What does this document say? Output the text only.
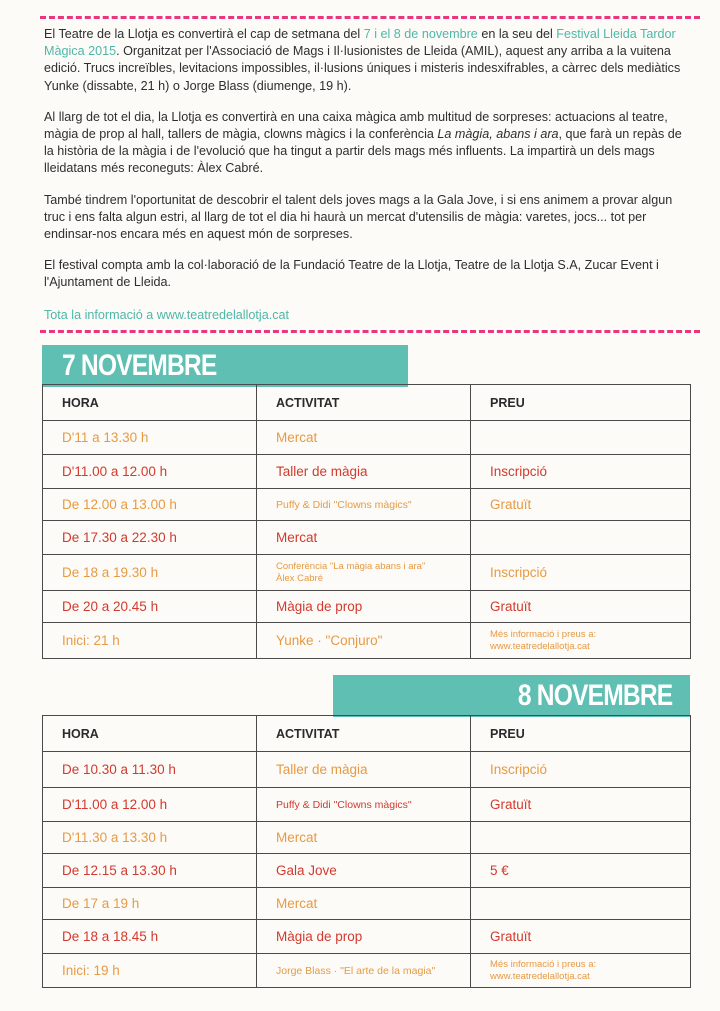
El Teatre de la Llotja es convertirà el cap de setmana del 7 i el 8 de novembre en la seu del Festival Lleida Tardor Màgica 2015. Organitzat per l'Associació de Mags i Il·lusionistes de Lleida (AMIL), aquest any arriba a la vuitena edició. Trucs increïbles, levitacions impossibles, il·lusions úniques i misteris indesxifrables, a càrrec dels mediàtics Yunke (dissabte, 21 h) o Jorge Blass (diumenge, 19 h).

Al llarg de tot el dia, la Llotja es convertirà en una caixa màgica amb multitud de sorpreses: actuacions al teatre, màgia de prop al hall, tallers de màgia, clowns màgics i la conferència La màgia, abans i ara, que farà un repàs de la història de la màgia i de l'evolució que ha tingut a partir dels mags més influents. La impartirà un dels mags lleidatans més reconeguts: Àlex Cabré.

També tindrem l'oportunitat de descobrir el talent dels joves mags a la Gala Jove, i si ens animem a provar algun truc i ens falta algun estri, al llarg de tot el dia hi haurà un mercat d'utensilis de màgia: varetes, jocs... tot per endinsar-nos encara més en aquest món de sorpreses.

El festival compta amb la col·laboració de la Fundació Teatre de la Llotja, Teatre de la Llotja S.A, Zucar Event i l'Ajuntament de Lleida.

Tota la informació a www.teatredelallotja.cat
7 NOVEMBRE
HORA	ACTIVITAT	PREU
D'11 a 13.30 h	Mercat	

D'11.00 a 12.00 h	Taller de màgia	Inscripció

De 12.00 a 13.00 h	Puffy & Didi "Clowns màgics"	Gratuït

De 17.30 a 22.30 h	Mercat	

De 18 a 19.30 h	Conferència "La màgia abans i ara"
Àlex Cabré	Inscripció

De 20 a 20.45 h	Màgia de prop	Gratuït

Inici: 21 h	Yunke · "Conjuro"	Més informació i preus a:
www.teatredelallotja.cat
8 NOVEMBRE
HORA	ACTIVITAT	PREU
De 10.30 a 11.30 h	Taller de màgia	Inscripció

D'11.00 a 12.00 h	Puffy & Didi "Clowns màgics"	Gratuït

D'11.30 a 13.30 h	Mercat	

De 12.15 a 13.30 h	Gala Jove	5 €

De 17 a 19 h	Mercat	

De 18 a 18.45 h	Màgia de prop	Gratuït

Inici: 19 h	Jorge Blass · "El arte de la magia"	Més informació i preus a:
www.teatredelallotja.cat
